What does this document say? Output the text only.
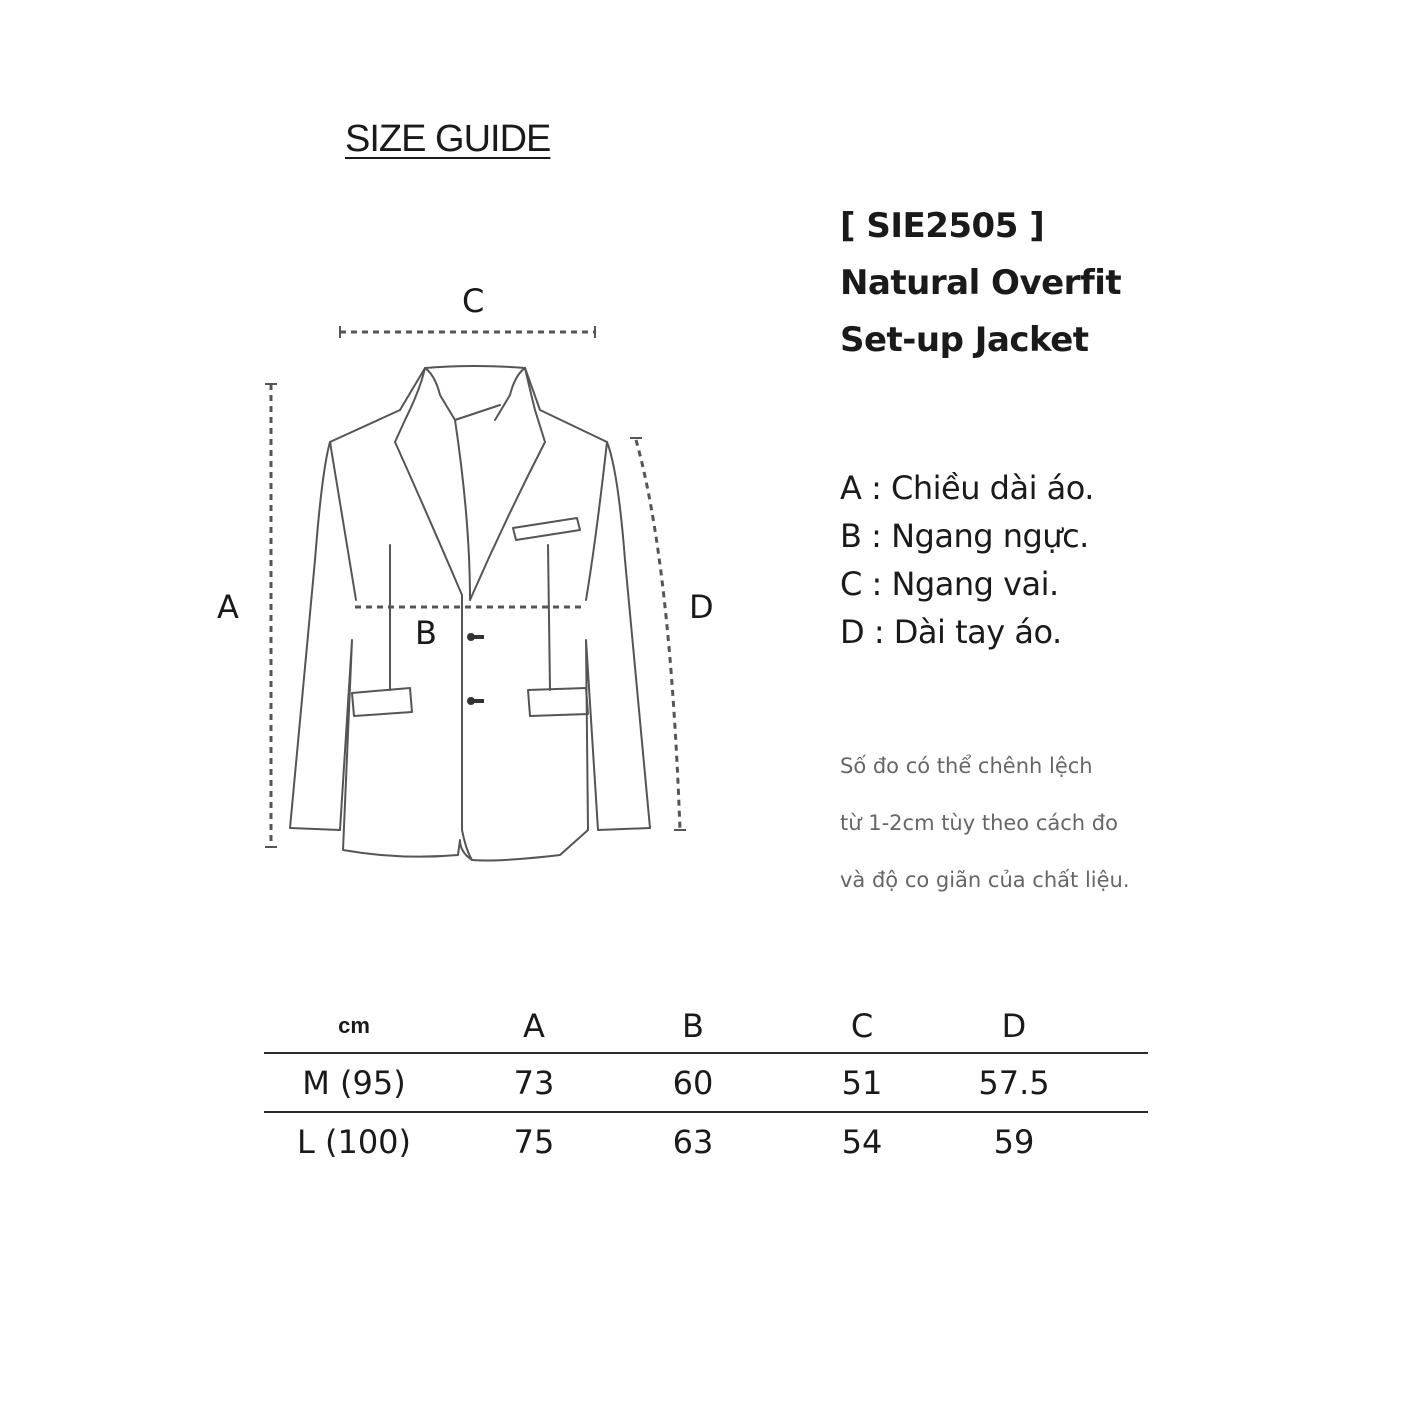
SIZE GUIDE
C
A
B
D
[ SIE2505 ]
Natural Overfit
Set-up Jacket
A : Chiều dài áo.
B : Ngang ngực.
C : Ngang vai.
D : Dài tay áo.
Số đo có thể chênh lệch
từ 1-2cm tùy theo cách đo
và độ co giãn của chất liệu.
cm	A	B	C	D
M (95)	73	60	51	57.5
L (100)	75	63	54	59
